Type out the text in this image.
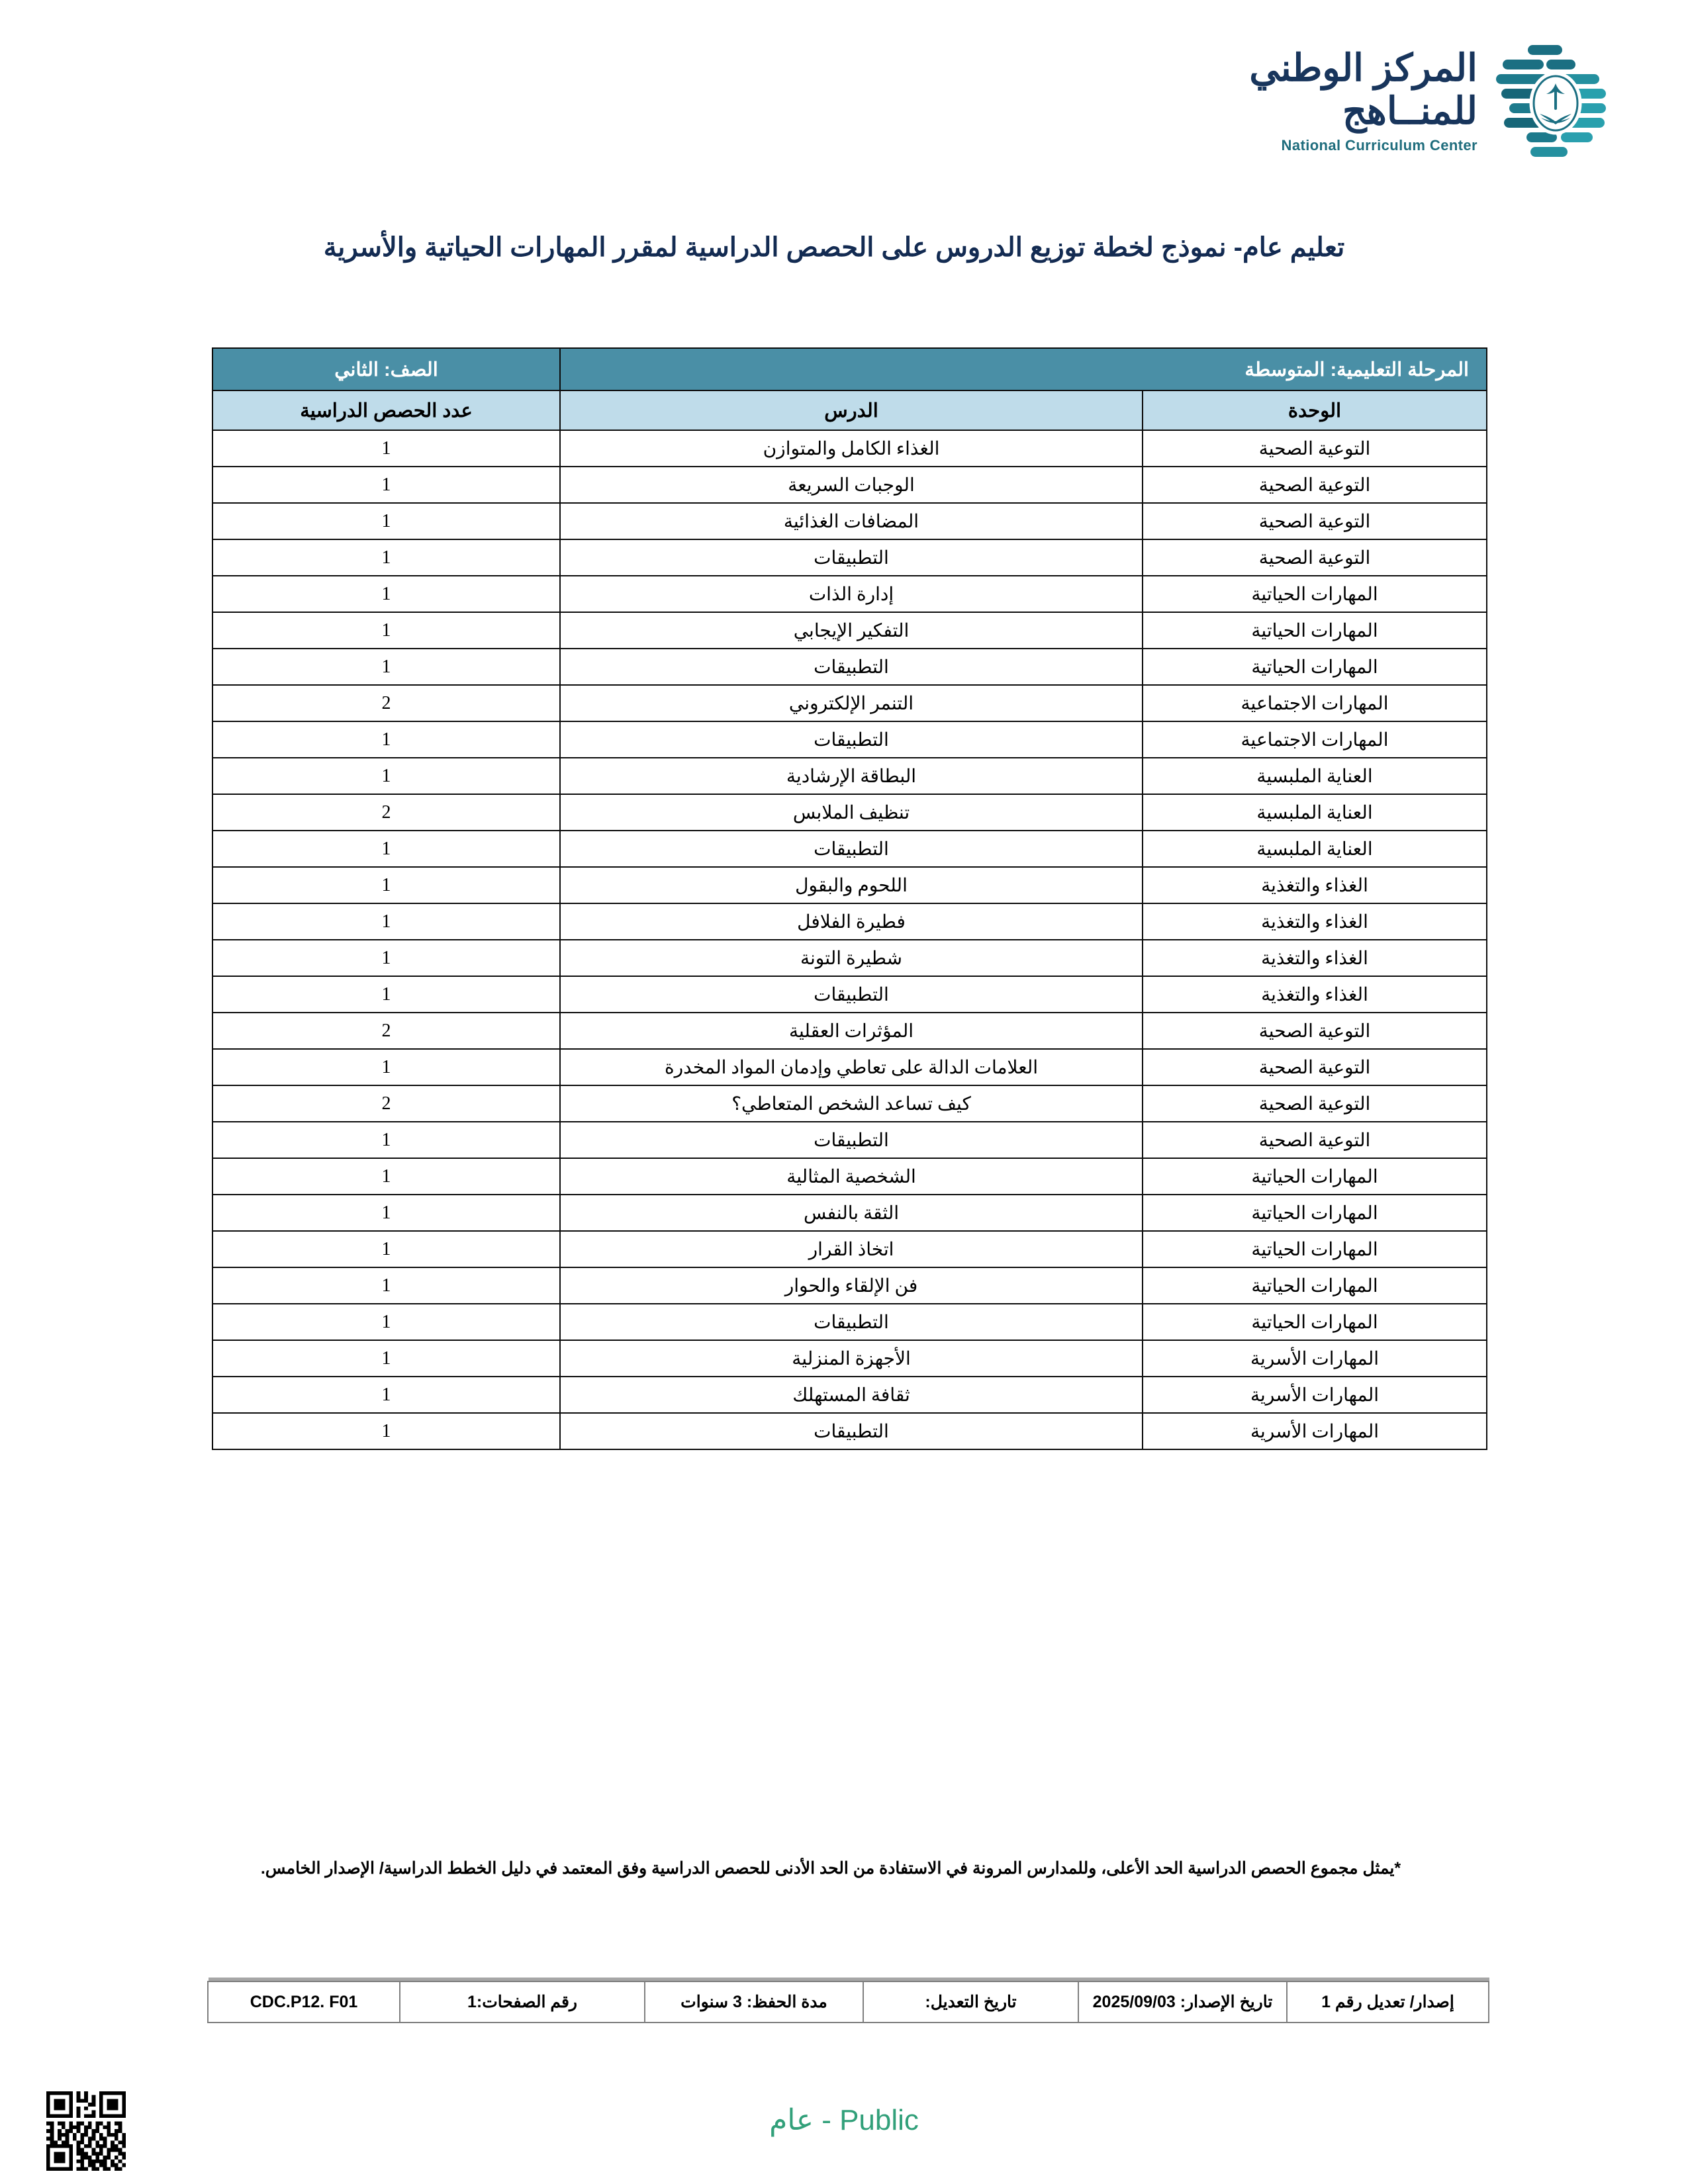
المركز الوطني
للمنــاهج
National Curriculum Center
تعليم عام- نموذج لخطة توزيع الدروس على الحصص الدراسية لمقرر المهارات الحياتية والأسرية
المرحلة التعليمية: المتوسطة		الصف: الثاني
الوحدة	الدرس	عدد الحصص الدراسية
التوعية الصحية	الغذاء الكامل والمتوازن	1
التوعية الصحية	الوجبات السريعة	1
التوعية الصحية	المضافات الغذائية	1
التوعية الصحية	التطبيقات	1
المهارات الحياتية	إدارة الذات	1
المهارات الحياتية	التفكير الإيجابي	1
المهارات الحياتية	التطبيقات	1
المهارات الاجتماعية	التنمر الإلكتروني	2
المهارات الاجتماعية	التطبيقات	1
العناية الملبسية	البطاقة الإرشادية	1
العناية الملبسية	تنظيف الملابس	2
العناية الملبسية	التطبيقات	1
الغذاء والتغذية	اللحوم والبقول	1
الغذاء والتغذية	فطيرة الفلافل	1
الغذاء والتغذية	شطيرة التونة	1
الغذاء والتغذية	التطبيقات	1
التوعية الصحية	المؤثرات العقلية	2
التوعية الصحية	العلامات الدالة على تعاطي وإدمان المواد المخدرة	1
التوعية الصحية	كيف تساعد الشخص المتعاطي؟	2
التوعية الصحية	التطبيقات	1
المهارات الحياتية	الشخصية المثالية	1
المهارات الحياتية	الثقة بالنفس	1
المهارات الحياتية	اتخاذ القرار	1
المهارات الحياتية	فن الإلقاء والحوار	1
المهارات الحياتية	التطبيقات	1
المهارات الأسرية	الأجهزة المنزلية	1
المهارات الأسرية	ثقافة المستهلك	1
المهارات الأسرية	التطبيقات	1
*يمثل مجموع الحصص الدراسية الحد الأعلى، وللمدارس المرونة في الاستفادة من الحد الأدنى للحصص الدراسية وفق المعتمد في دليل الخطط الدراسية/ الإصدار الخامس.
إصدار/ تعديل رقم 1	تاريخ الإصدار: 2025/09/03	تاريخ التعديل:	مدة الحفظ: 3 سنوات	رقم الصفحات:1	CDC.P12. F01
Public - عام
